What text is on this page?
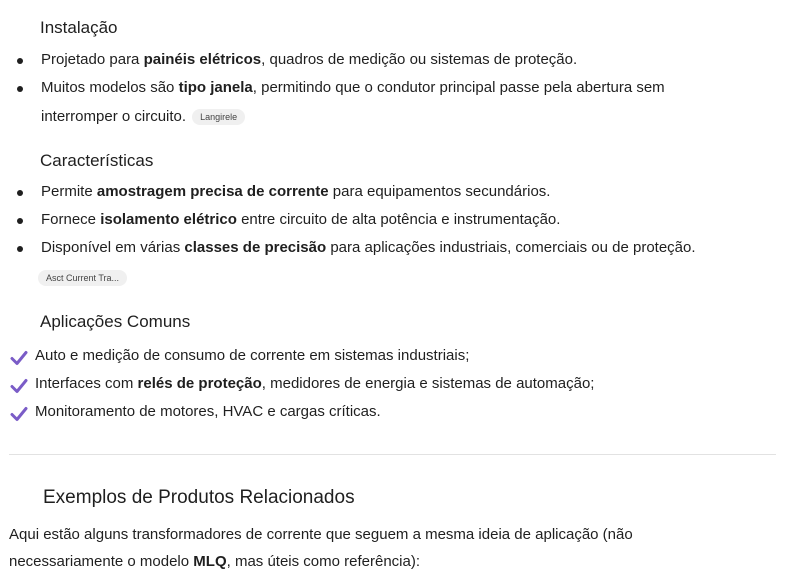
Instalação
Projetado para painéis elétricos, quadros de medição ou sistemas de proteção.
Muitos modelos são tipo janela, permitindo que o condutor principal passe pela abertura sem
interromper o circuito. Langirele
Características
Permite amostragem precisa de corrente para equipamentos secundários.
Fornece isolamento elétrico entre circuito de alta potência e instrumentação.
Disponível em várias classes de precisão para aplicações industriais, comerciais ou de proteção.
Asct Current Tra...
Aplicações Comuns
Auto e medição de consumo de corrente em sistemas industriais;
Interfaces com relés de proteção, medidores de energia e sistemas de automação;
Monitoramento de motores, HVAC e cargas críticas.
Exemplos de Produtos Relacionados
Aqui estão alguns transformadores de corrente que seguem a mesma ideia de aplicação (não
necessariamente o modelo MLQ, mas úteis como referência):
